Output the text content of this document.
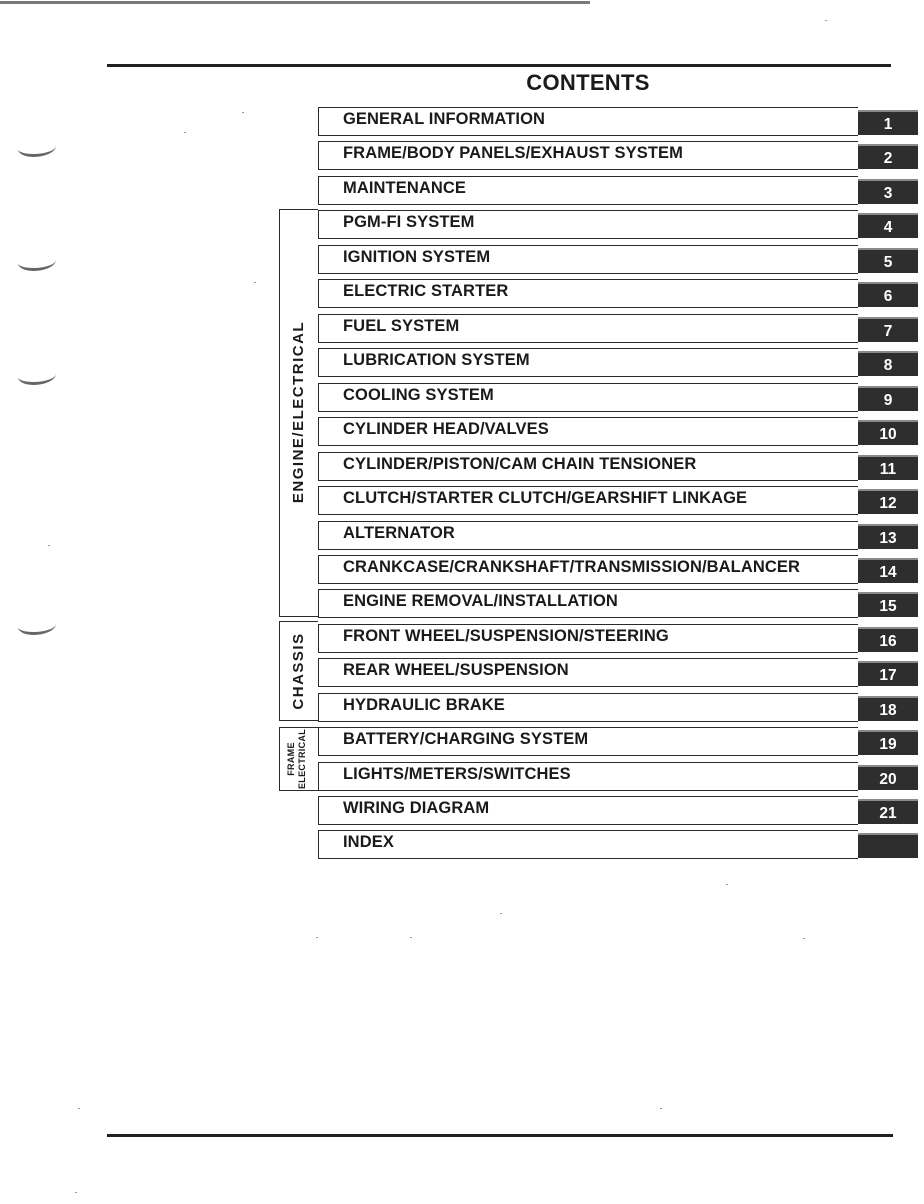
CONTENTS
ENGINE/ELECTRICAL
CHASSIS
FRAME ELECTRICAL
GENERAL INFORMATION	1
FRAME/BODY PANELS/EXHAUST SYSTEM	2
MAINTENANCE	3
PGM-FI SYSTEM	4
IGNITION SYSTEM	5
ELECTRIC STARTER	6
FUEL SYSTEM	7
LUBRICATION SYSTEM	8
COOLING SYSTEM	9
CYLINDER HEAD/VALVES	10
CYLINDER/PISTON/CAM CHAIN TENSIONER	11
CLUTCH/STARTER CLUTCH/GEARSHIFT LINKAGE	12
ALTERNATOR	13
CRANKCASE/CRANKSHAFT/TRANSMISSION/BALANCER	14
ENGINE REMOVAL/INSTALLATION	15
FRONT WHEEL/SUSPENSION/STEERING	16
REAR WHEEL/SUSPENSION	17
HYDRAULIC BRAKE	18
BATTERY/CHARGING SYSTEM	19
LIGHTS/METERS/SWITCHES	20
WIRING DIAGRAM	21
INDEX
